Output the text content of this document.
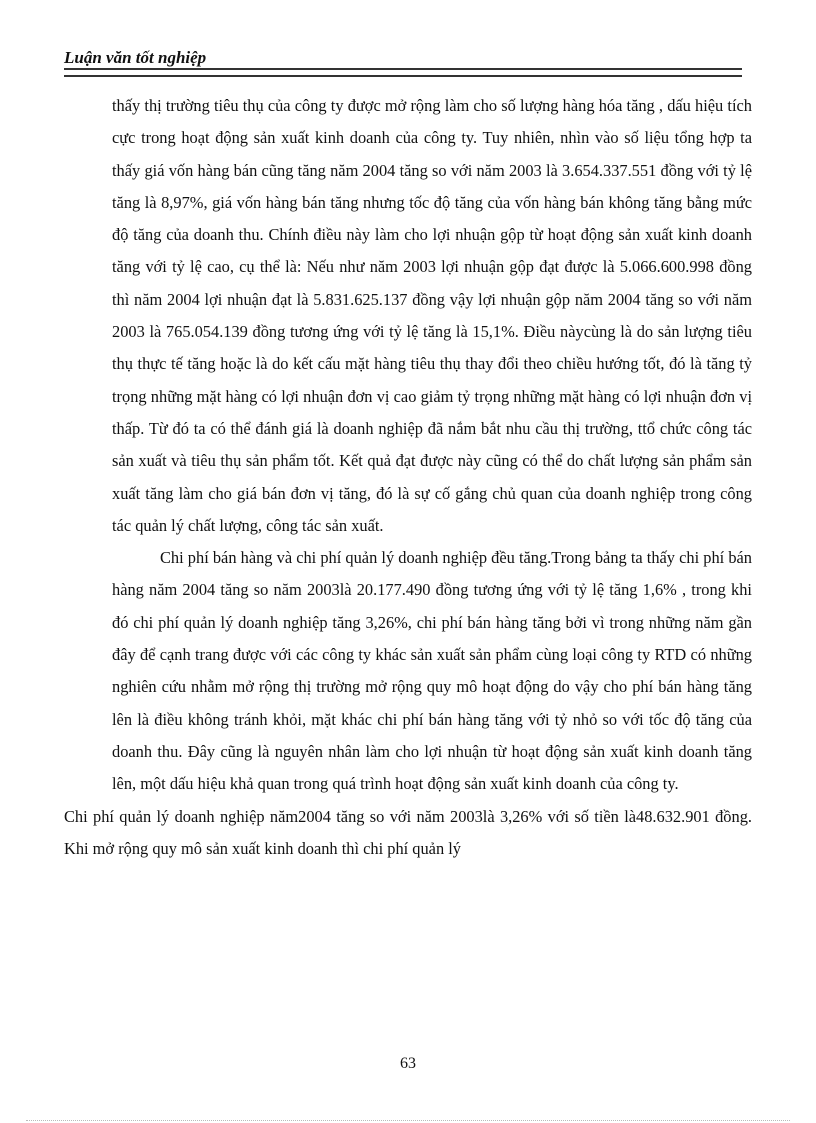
Luận văn tốt nghiệp

thấy thị trường tiêu thụ của công ty được mở rộng làm cho số lượng hàng hóa tăng , dấu hiệu tích cực trong hoạt động sản xuất kinh doanh của công ty. Tuy nhiên, nhìn vào số liệu tổng hợp ta thấy giá vốn hàng bán cũng tăng năm 2004 tăng so với năm 2003 là 3.654.337.551 đồng với tỷ lệ tăng là 8,97%, giá vốn hàng bán tăng nhưng tốc độ tăng của vốn hàng bán không tăng bằng mức độ tăng của doanh thu. Chính điều này làm cho lợi nhuận gộp từ hoạt động sản xuất kinh doanh tăng với tỷ lệ cao, cụ thể là: Nếu như năm 2003 lợi nhuận gộp đạt được là 5.066.600.998 đồng thì năm 2004 lợi nhuận đạt là 5.831.625.137 đồng vậy lợi nhuận gộp năm 2004 tăng so với năm 2003 là 765.054.139 đồng tương ứng với tỷ lệ tăng là 15,1%. Điều nàycùng là do sản lượng tiêu thụ thực tế tăng hoặc là do kết cấu mặt hàng tiêu thụ thay đổi theo chiều hướng tốt, đó là tăng tỷ trọng những mặt hàng có lợi nhuận đơn vị cao giảm tỷ trọng những mặt hàng có lợi nhuận đơn vị thấp. Từ đó ta có thể đánh giá là doanh nghiệp đã nắm bắt nhu cầu thị trường, ttổ chức công tác sản xuất và tiêu thụ sản phẩm tốt. Kết quả đạt được này cũng có thể do chất lượng sản phẩm sản xuất tăng làm cho giá bán đơn vị tăng, đó là sự cố gắng chủ quan của doanh nghiệp trong công tác quản lý chất lượng, công tác sản xuất.

Chi phí bán hàng và chi phí quản lý doanh nghiệp đều tăng.Trong bảng ta thấy chi phí bán hàng năm 2004 tăng so năm 2003là 20.177.490 đồng tương ứng với tỷ lệ tăng 1,6% , trong khi đó chi phí quản lý doanh nghiệp tăng 3,26%, chi phí bán hàng tăng bởi vì trong những năm gần đây để cạnh trang được với các công ty khác sản xuất sản phẩm cùng loại công ty RTD có những nghiên cứu nhằm mở rộng thị trường mở rộng quy mô hoạt động do vậy cho phí bán hàng tăng lên là điều không tránh khỏi, mặt khác chi phí bán hàng tăng với tỷ nhỏ so với tốc độ tăng của doanh thu. Đây cũng là nguyên nhân làm cho lợi nhuận từ hoạt động sản xuất kinh doanh tăng lên, một dấu hiệu khả quan trong quá trình hoạt động sản xuất kinh doanh của công ty.

Chi phí quản lý doanh nghiệp năm2004 tăng so với năm 2003là 3,26% với số tiền là48.632.901 đồng. Khi mở rộng quy mô sản xuất kinh doanh thì chi phí quản lý

63
